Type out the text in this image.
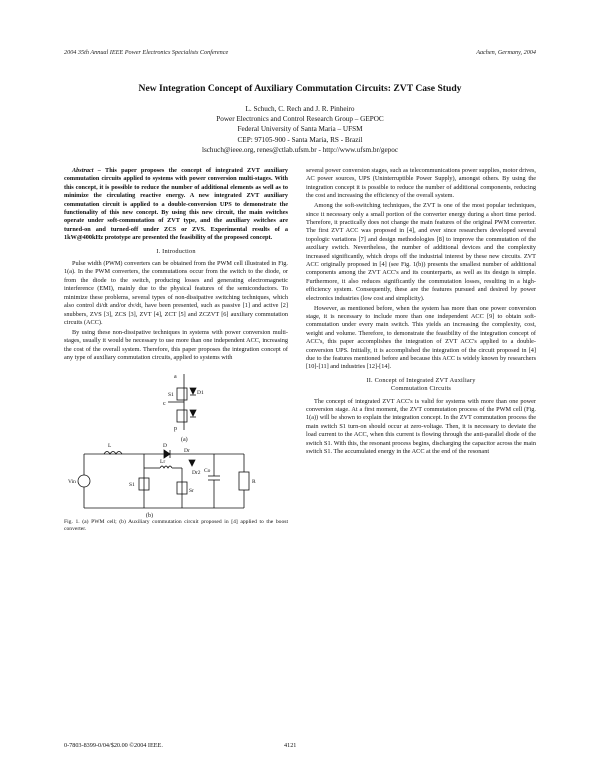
2004 35th Annual IEEE Power Electronics Specialists Conference	Aachen, Germany, 2004
New Integration Concept of Auxiliary Commutation Circuits: ZVT Case Study
L. Schuch, C. Rech and J. R. Pinheiro
Power Electronics and Control Research Group – GEPOC
Federal University of Santa Maria – UFSM
CEP: 97105-900 - Santa Maria, RS - Brazil
lschuch@ieee.org, renes@ctlab.ufsm.br - http://www.ufsm.br/gepoc

Abstract – This paper proposes the concept of integrated ZVT auxiliary commutation circuits applied to systems with power conversion multi-stages. With this concept, it is possible to reduce the number of additional elements as well as to minimize the circulating reactive energy. A new integrated ZVT auxiliary commutation circuit is applied to a double-conversion UPS to demonstrate the functionality of this new concept. By using this new circuit, the main switches operate under soft-commutation of ZVT type, and the auxiliary switches are turned-on and turned-off under ZCS or ZVS. Experimental results of a 1kW@400kHz prototype are presented the feasibility of the proposed concept.

I. Introduction

Pulse width (PWM) converters can be obtained from the PWM cell illustrated in Fig. 1(a). In the PWM converters, the commutations occur from the switch to the diode, or from the diode to the switch, producing losses and generating electromagnetic interference (EMI), mainly due to the physical features of the semiconductors. To minimize these problems, several types of non-dissipative switching techniques, which also control di/dt and/or dv/dt, have been presented, such as passive [1] and active [2] snubbers, ZVS [3], ZCS [3], ZVT [4], ZCT [5] and ZCZVT [6] auxiliary commutation circuits (ACC).

By using these non-dissipative techniques in systems with power conversion multi-stages, usually it would be necessary to use more than one independent ACC, increasing the cost of the overall system. Therefore, this paper proposes the integration concept of any type of auxiliary commutation circuits, applied to systems with

a
c
p
S1	D1
(a)
Vin
L	D
S1
Lr
Sr
Dr
Dr2 Co
R
(b)
Fig. 1. (a) PWM cell; (b) Auxiliary commutation circuit proposed in [4] applied to the boost converter.

several power conversion stages, such as telecommunications power supplies, motor drives, AC power sources, UPS (Uninterruptible Power Supply), amongst others. By using the integration concept it is possible to reduce the number of additional components, reducing the cost and increasing the efficiency of the overall system.

Among the soft-switching techniques, the ZVT is one of the most popular techniques, since it necessary only a small portion of the converter energy during a short time period. Therefore, it practically does not change the main features of the original PWM converter. The first ZVT ACC was proposed in [4], and ever since researchers developed several topologic variations [7] and design methodologies [8] to improve the commutation of the auxiliary switch. Nevertheless, the number of additional devices and the complexity increased significantly, which drops off the industrial interest by these new circuits. ZVT ACC originally proposed in [4] (see Fig. 1(b)) presents the smallest number of additional components among the ZVT ACC's and its counterparts, as well as its design is simple. Furthermore, it also reduces significantly the commutation losses, resulting in a high-efficiency system. Consequently, these are the features pursued and desired by power electronics industries (low cost and simplicity).

However, as mentioned before, when the system has more than one power conversion stage, it is necessary to include more than one independent ACC [9] to obtain soft-commutation under every main switch. This yields an increasing the complexity, cost, weight and volume. Therefore, to demonstrate the feasibility of the integration concept of ACC's, this paper accomplishes the integration of ZVT ACC's applied to a double-conversion UPS. Initially, it is accomplished the integration of the circuit proposed in [4] due to the features mentioned before and because this ACC is widely known by researchers [10]-[11] and industries [12]-[14].

II. Concept of Integrated ZVT Auxiliary
Commutation Circuits

The concept of integrated ZVT ACC's is valid for systems with more than one power conversion stage. At a first moment, the ZVT commutation process of the PWM cell (Fig. 1(a)) will be shown to explain the integration concept. In the ZVT commutation process the main switch S1 turn-on should occur at zero-voltage. Then, it is necessary to deviate the load current to the ACC, when this current is flowing through the anti-parallel diode of the switch S1. With this, the resonant process begins, discharging the capacitor across the main switch S1. The accumulated energy in the ACC at the end of the resonant

0-7803-8399-0/04/$20.00 ©2004 IEEE.	4121
